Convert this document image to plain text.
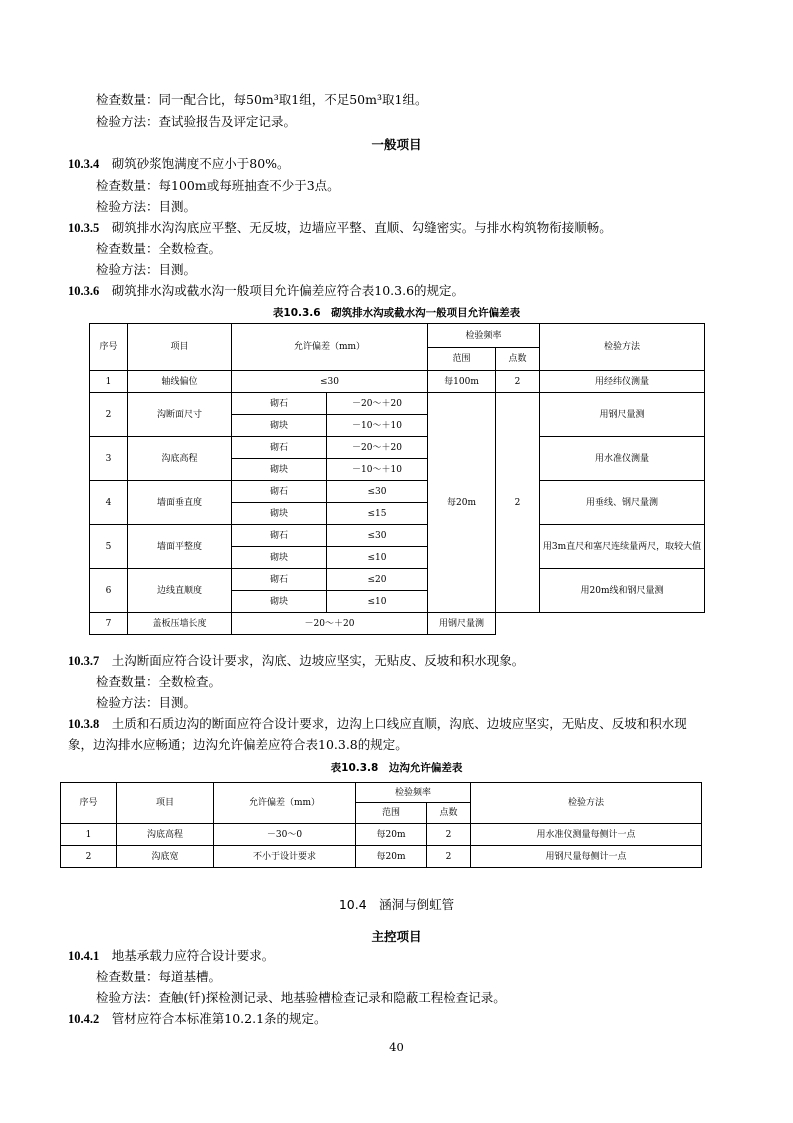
检查数量：同一配合比，每50m³取1组，不足50m³取1组。
检验方法：查试验报告及评定记录。
一般项目
10.3.4　 砌筑砂浆饱满度不应小于80%。
检查数量：每100m或每班抽查不少于3点。
检验方法：目测。
10.3.5　 砌筑排水沟沟底应平整、无反坡，边墙应平整、直顺、勾缝密实。与排水构筑物衔接顺畅。
检查数量：全数检查。
检验方法：目测。
10.3.6　 砌筑排水沟或截水沟一般项目允许偏差应符合表10.3.6的规定。
表10.3.6　砌筑排水沟或截水沟一般项目允许偏差表
序号	项目	允许偏差（mm）		检验频率		检验方法
				范围	点数	
1	轴线偏位	≤30		每100m	2	用经纬仪测量
2	沟断面尺寸	砌石	－20～＋20	每20m	2	用钢尺量测
		砌块	－10～＋10			
3	沟底高程	砌石	－20～＋20			用水准仪测量
		砌块	－10～＋10			
4	墙面垂直度	砌石	≤30			用垂线、钢尺量测
		砌块	≤15			
5	墙面平整度	砌石	≤30			用3m直尺和塞尺连续量两尺，取较大值
		砌块	≤10			
6	边线直顺度	砌石	≤20			用20m线和钢尺量测
		砌块	≤10			
7	盖板压墙长度	－20～＋20		用钢尺量测		
10.3.7　 土沟断面应符合设计要求，沟底、边坡应坚实，无贴皮、反坡和积水现象。
检查数量：全数检查。
检验方法：目测。
10.3.8　 土质和石质边沟的断面应符合设计要求，边沟上口线应直顺，沟底、边坡应坚实，无贴皮、反坡和积水现
象，边沟排水应畅通；边沟允许偏差应符合表10.3.8的规定。
表10.3.8　边沟允许偏差表
序号	项目	允许偏差（mm）	检验频率		检验方法
			范围	点数	
1	沟底高程	－30～0	每20m	2	用水准仪测量每侧计一点
2	沟底宽	不小于设计要求	每20m	2	用钢尺量每侧计一点
10.4　涵洞与倒虹管
主控项目
10.4.1　 地基承载力应符合设计要求。
检查数量：每道基槽。
检验方法：查触(钎)探检测记录、地基验槽检查记录和隐蔽工程检查记录。
10.4.2　 管材应符合本标准第10.2.1条的规定。
40
